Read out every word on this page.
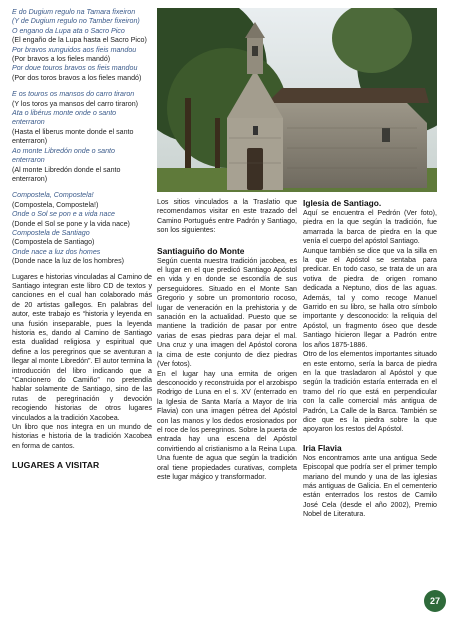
E do Dugium regulo na Tamara fixeiron
(Y de Dugium regulo no Tamber fixeiron)
O engano da Lupa ata o Sacro Pico
(El engaño de la Lupa hasta el Sacro Pico)
Por bravos xunguidos aos fieis mandou
(Por bravos a los fieles mandó)
Por doue touros bravos os fieis mandou
(Por dos toros bravos a los fieles mandó)
E os touros os mansos do carro tiraron
(Y los toros ya mansos del carro tiraron)
Ata o libérus monte onde o santo
enterraron
(Hasta el liberus monte donde el santo
enterraron)
Ao monte Libredón onde o santo
enterraron
(Al monte Libredón donde el santo
enterraron)
Compostela, Compostela!
(Compostela, Compostela!)
Onde o Sol se pon e a vida nace
(Donde el Sol se pone y la vida nace)
Compostela de Santiago
(Compostela de Santiago)
Onde nace a luz dos homes
(Donde nace la luz de los hombres)

Lugares e historias vinculadas al Camino de Santiago integran este libro CD de textos y canciones en el cual han colaborado más de 20 artistas gallegos. En palabras del autor, este trabajo es “historia y leyenda en una fusión inseparable, pues la leyenda historia es, dando al Camino de Santiago esta dualidad religiosa y espiritual que define a los peregrinos que se aventuran a llegar al monte Libredón”. El autor termina la introducción del libro indicando que a “Cancionero do Camiño” no pretendía hablar solamente de Santiago, sino de las rutas de peregrinación y devoción recogiendo historias de otros lugares vinculados a la tradición Xacobea.

Un libro que nos integra en un mundo de historias e historia de la tradición Xacobea en forma de cantos.

LUGARES A VISITAR

Los sitios vinculados a la Traslatio que recomendamos visitar en este trazado del Camino Portugués entre Padrón y Santiago, son los siguientes:

Santiaguiño do Monte

Según cuenta nuestra tradición jacobea, es el lugar en el que predicó Santiago Apóstol en vida y en donde se escondía de sus perseguidores. Situado en el Monte San Gregorio y sobre un promontorio rocoso, lugar de veneración en la prehistoria y de sanación en la actualidad. Puesto que se mantiene la tradición de pasar por entre varias de esas piedras para dejar el mal. Una cruz y una imagen del Apóstol corona la cima de este conjunto de diez piedras (Ver fotos).

En el lugar hay una ermita de origen desconocido y reconstruida por el arzobispo Rodrigo de Luna en el s. XV (enterrado en la Iglesia de Santa María a Mayor de Iria Flavia) con una imagen pétrea del Apóstol con las manos y los dedos erosionados por el roce de los peregrinos. Sobre la puerta de entrada hay una escena del Apóstol convirtiendo al cristianismo a la Reina Lupa. Una fuente de agua que según la tradición oral tiene propiedades curativas, completa este lugar mágico y transformador.

Iglesia de Santiago.

Aquí se encuentra el Pedrón (Ver foto), piedra en la que según la tradición, fue amarrada la barca de piedra en la que venía el cuerpo del apóstol Santiago.

Aunque también se dice que va la silla en la que el Apóstol se sentaba para predicar. En todo caso, se trata de un ara votiva de piedra de origen romano dedicada a Neptuno, dios de las aguas. Además, tal y como recoge Manuel Garrido en su libro, se halla otro símbolo importante y desconocido: la reliquia del Apóstol, un fragmento óseo que desde Santiago hicieron llegar a Padrón entre los años 1875-1886.

Otro de los elementos importantes situado en este entorno, sería la barca de piedra en la que trasladaron al Apóstol y que según la tradición estaría enterrada en el tramo del río que está en perpendicular con la calle comercial más antigua de Padrón, La Calle de la Barca. También se dice que es la piedra sobre la que apoyaron los restos del Apóstol.

Iria Flavia

Nos encontramos ante una antigua Sede Episcopal que podría ser el primer templo mariano del mundo y una de las iglesias más antiguas de Galicia. En el cementerio están enterrados los restos de Camilo José Cela (desde el año 2002), Premio Nobel de Literatura.

27
